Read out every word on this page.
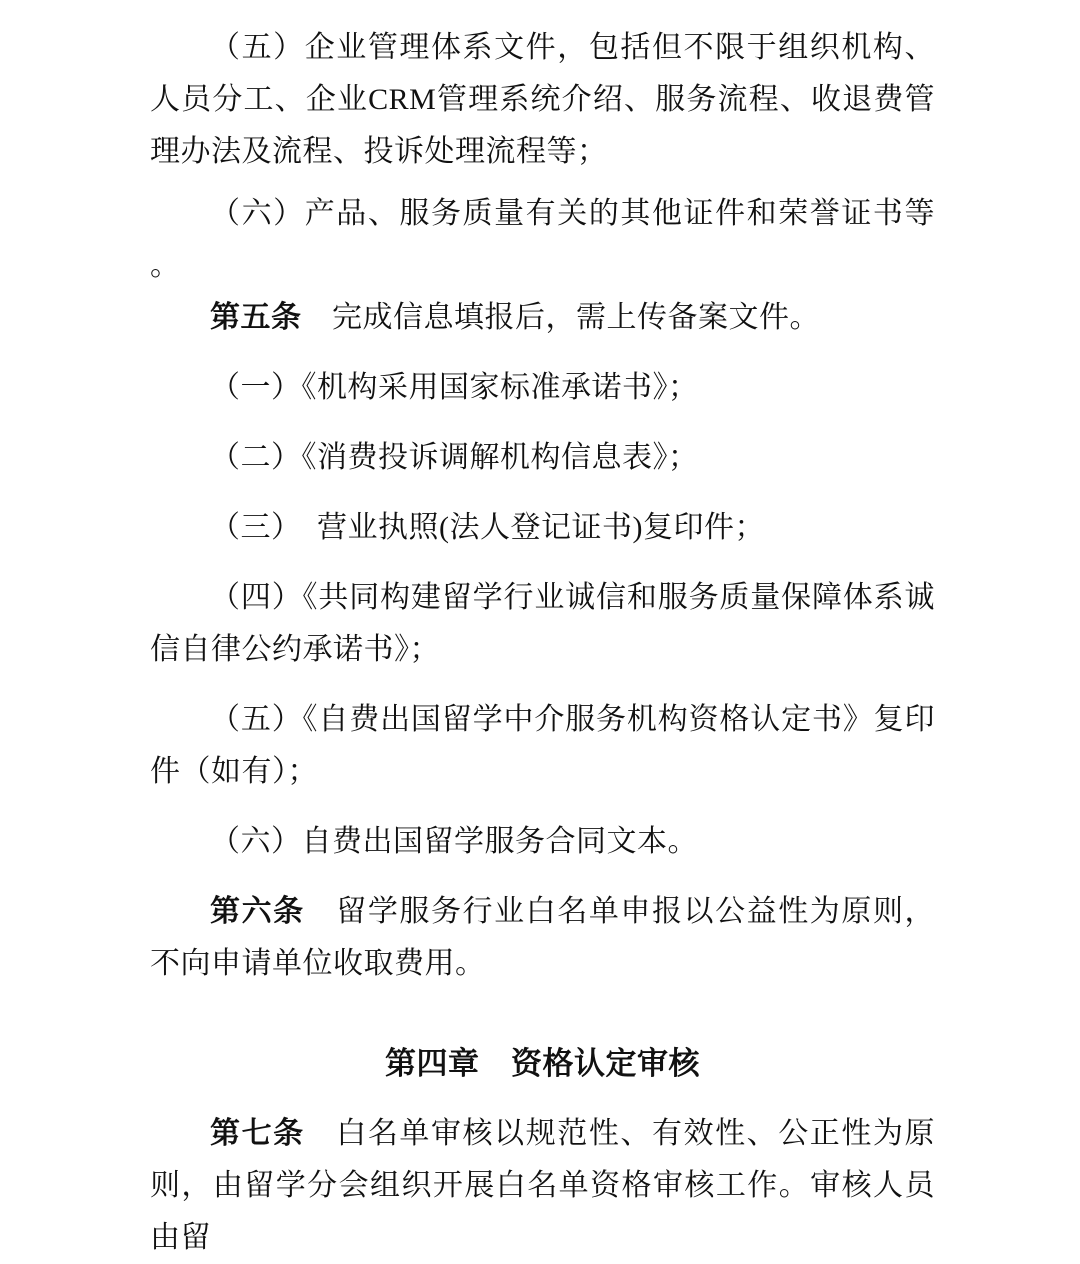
（五）企业管理体系文件，包括但不限于组织机构、人员分工、企业CRM管理系统介绍、服务流程、收退费管理办法及流程、投诉处理流程等；

（六）产品、服务质量有关的其他证件和荣誉证书等。

第五条　完成信息填报后，需上传备案文件。

（一）《机构采用国家标准承诺书》；

（二）《消费投诉调解机构信息表》；

（三）　营业执照(法人登记证书)复印件；

（四）《共同构建留学行业诚信和服务质量保障体系诚信自律公约承诺书》；

（五）《自费出国留学中介服务机构资格认定书》复印件（如有）；

（六）自费出国留学服务合同文本。

第六条　留学服务行业白名单申报以公益性为原则，不向申请单位收取费用。

第四章　资格认定审核

第七条　白名单审核以规范性、有效性、公正性为原则，由留学分会组织开展白名单资格审核工作。审核人员由留
